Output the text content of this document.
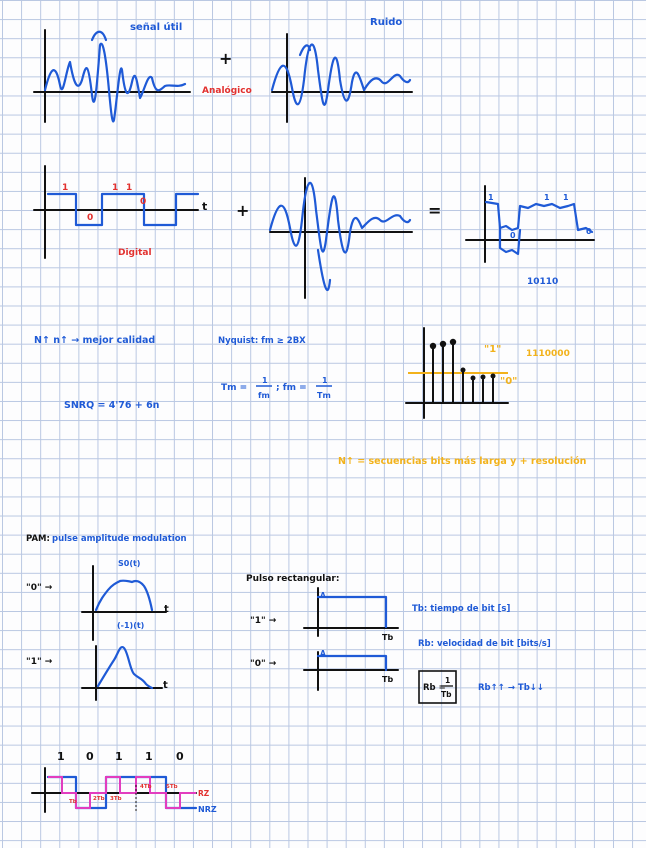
señal útil
+
Analógico
Ruido
1
0
1 1
0	t
Digital
+	=
1
0
1 1
0
10110
N↑ n↑ → mejor calidad
SNRQ = 4'76 + 6n
Nyquist: fm ≥ 2BX
Tm =
1
fm
; fm =
1
Tm
"1"
"0"
1110000
N↑ = secuencias bits más larga y + resolución
PAM: pulse amplitude modulation
S0(t)
"0" →
(-1)(t)
t
"1" →
t
Pulso rectangular:
"1" →
A
Tb
"0" →
A
Tb
Tb: tiempo de bit [s]
Rb: velocidad de bit [bits/s]
Rb =
1
Tb
Rb↑↑ → Tb↓↓
1 0 1 1 0
Tb	2Tb 3Tb
4Tb	5Tb
RZ
NRZ
